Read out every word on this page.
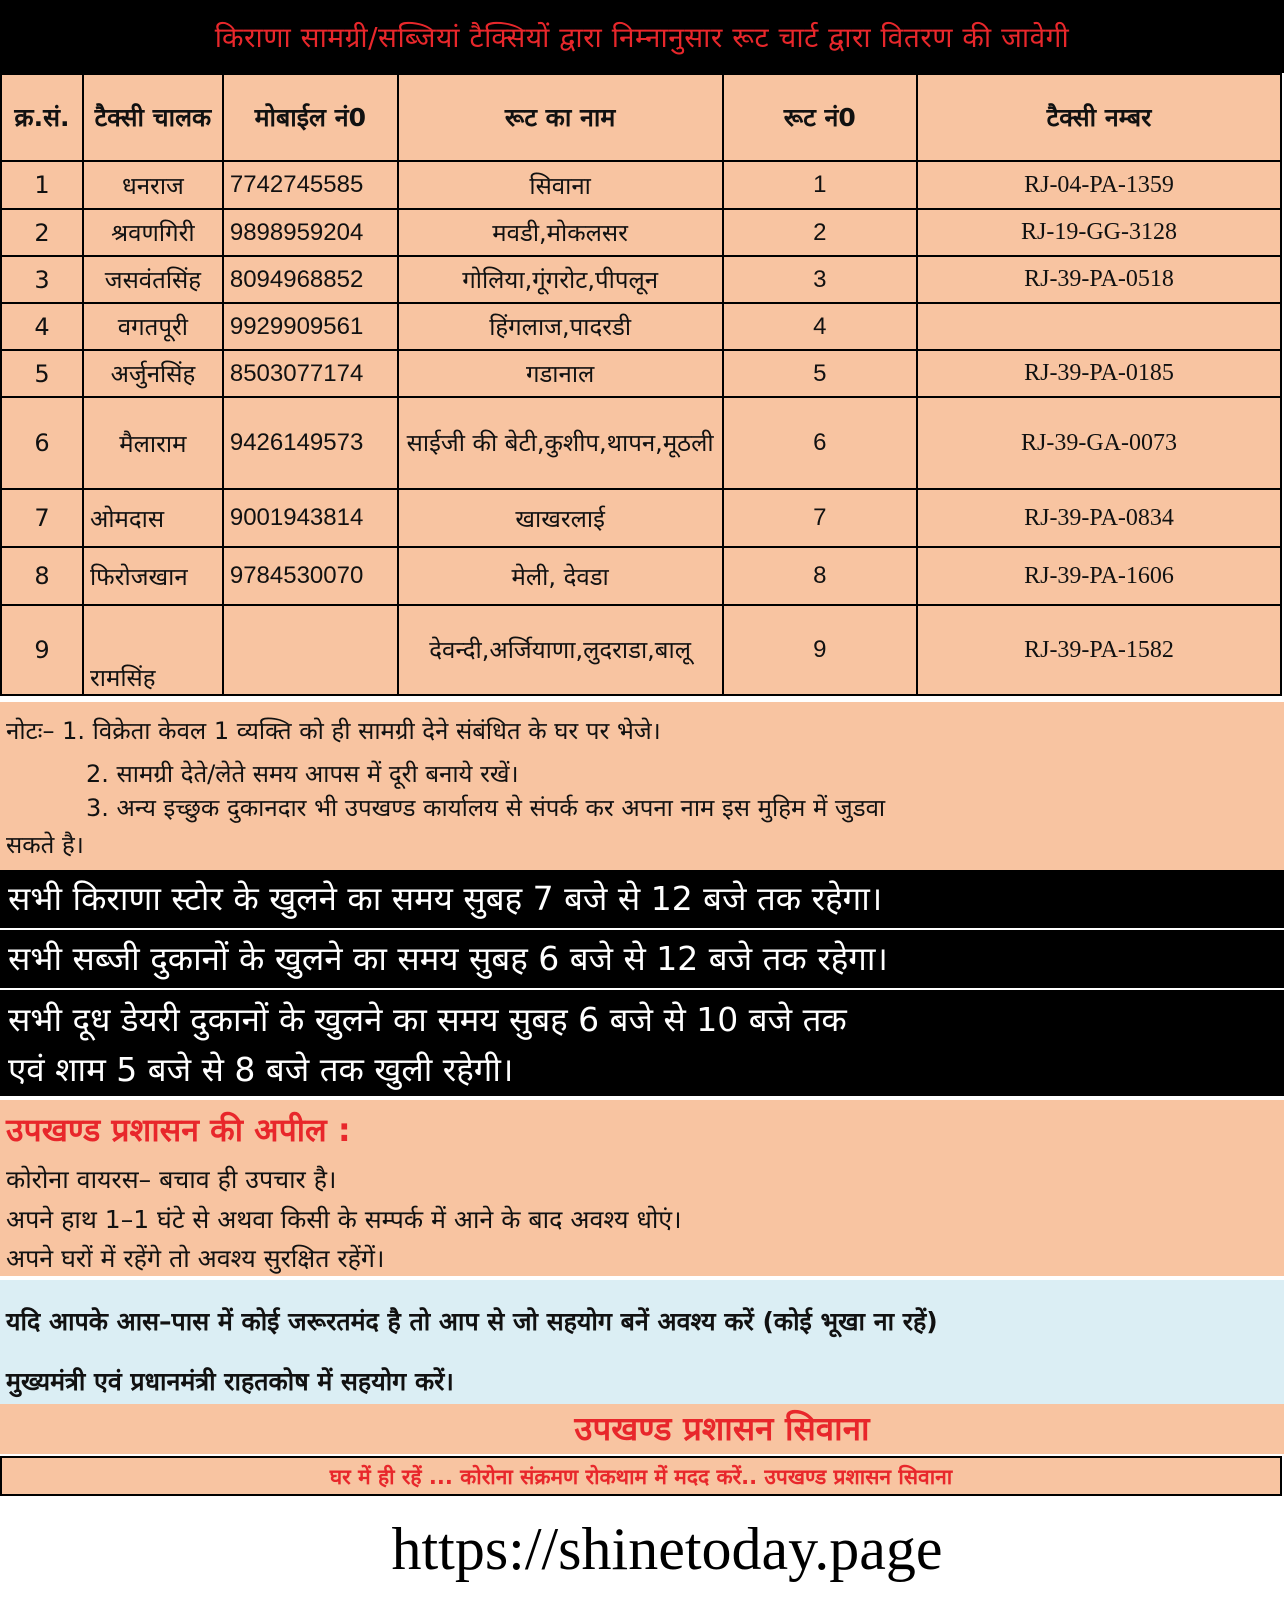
किराणा सामग्री/सब्जियां टैक्सियों द्वारा निम्नानुसार रूट चार्ट द्वारा वितरण की जावेगी
क्र.सं.	टैक्सी चालक	मोबाईल नं0	रूट का नाम	रूट नं0	टैक्सी नम्बर
1	धनराज	7742745585	सिवाना	1	RJ-04-PA-1359
2	श्रवणगिरी	9898959204	मवडी,मोकलसर	2	RJ-19-GG-3128
3	जसवंतसिंह	8094968852	गोलिया,गूंगरोट,पीपलून	3	RJ-39-PA-0518
4	वगतपूरी	9929909561	हिंगलाज,पादरडी	4	
5	अर्जुनसिंह	8503077174	गडानाल	5	RJ-39-PA-0185
6	मैलाराम	9426149573	साईजी की बेटी,कुशीप,थापन,मूठली	6	RJ-39-GA-0073
7	ओमदास	9001943814	खाखरलाई	7	RJ-39-PA-0834
8	फिरोजखान	9784530070	मेली, देवडा	8	RJ-39-PA-1606
9	रामसिंह		देवन्दी,अर्जियाणा,लुदराडा,बालू	9	RJ-39-PA-1582
नोटः– 1. विक्रेता केवल 1 व्यक्ति को ही सामग्री देने संबंधित के घर पर भेजे।
2. सामग्री देते/लेते समय आपस में दूरी बनाये रखें।
3. अन्य इच्छुक दुकानदार भी उपखण्ड कार्यालय से संपर्क कर अपना नाम इस मुहिम में जुडवा
सकते है।
सभी किराणा स्टोर के खुलने का समय सुबह 7 बजे से 12 बजे तक रहेगा।
सभी सब्जी दुकानों के खुलने का समय सुबह 6 बजे से 12 बजे तक रहेगा।
सभी दूध डेयरी दुकानों के खुलने का समय सुबह 6 बजे से 10 बजे तक
एवं शाम 5 बजे से 8 बजे तक खुली रहेगी।
उपखण्ड प्रशासन की अपील :
कोरोना वायरस– बचाव ही उपचार है।
अपने हाथ 1–1 घंटे से अथवा किसी के सम्पर्क में आने के बाद अवश्य धोएं।
अपने घरों में रहेंगे तो अवश्य सुरक्षित रहेंगें।
यदि आपके आस–पास में कोई जरूरतमंद है तो आप से जो सहयोग बनें अवश्य करें (कोई भूखा ना रहें)
मुख्यमंत्री एवं प्रधानमंत्री राहतकोष में सहयोग करें।
उपखण्ड प्रशासन सिवाना
घर में ही रहें ... कोरोना संक्रमण रोकथाम में मदद करें.. उपखण्ड प्रशासन सिवाना
https://shinetoday.page
